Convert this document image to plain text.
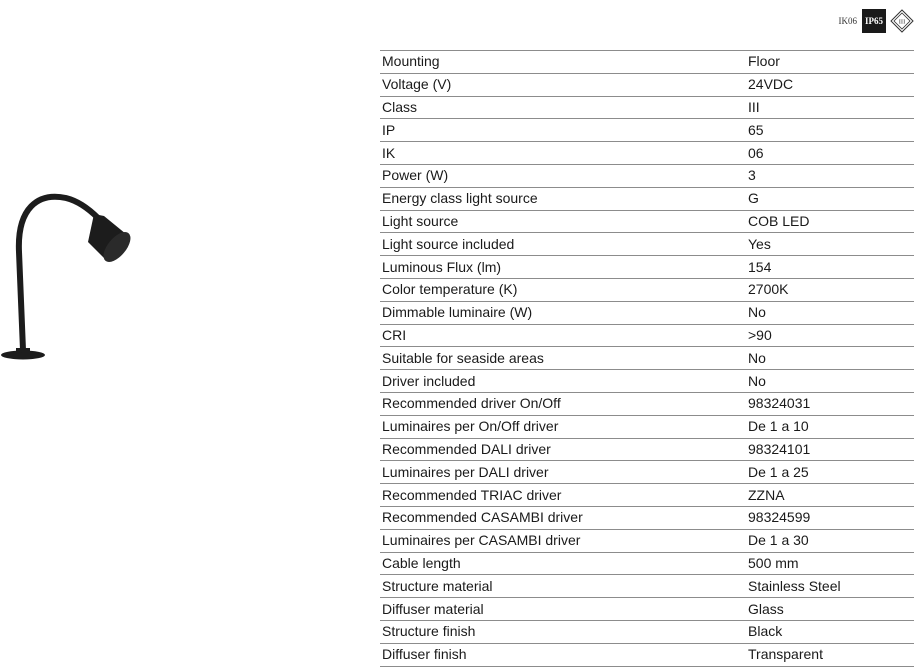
IK06 IP65	III
Mounting	Floor
Voltage (V)	24VDC
Class	III
IP	65
IK	06
Power (W)	3
Energy class light source	G
Light source	COB LED
Light source included	Yes
Luminous Flux (lm)	154
Color temperature (K)	2700K
Dimmable luminaire (W)	No
CRI	>90
Suitable for seaside areas	No
Driver included	No
Recommended driver On/Off	98324031
Luminaires per On/Off driver	De 1 a 10
Recommended DALI driver	98324101
Luminaires per DALI driver	De 1 a 25
Recommended TRIAC driver	ZZNA
Recommended CASAMBI driver	98324599
Luminaires per CASAMBI driver	De 1 a 30
Cable length	500 mm
Structure material	Stainless Steel
Diffuser material	Glass
Structure finish	Black
Diffuser finish	Transparent
